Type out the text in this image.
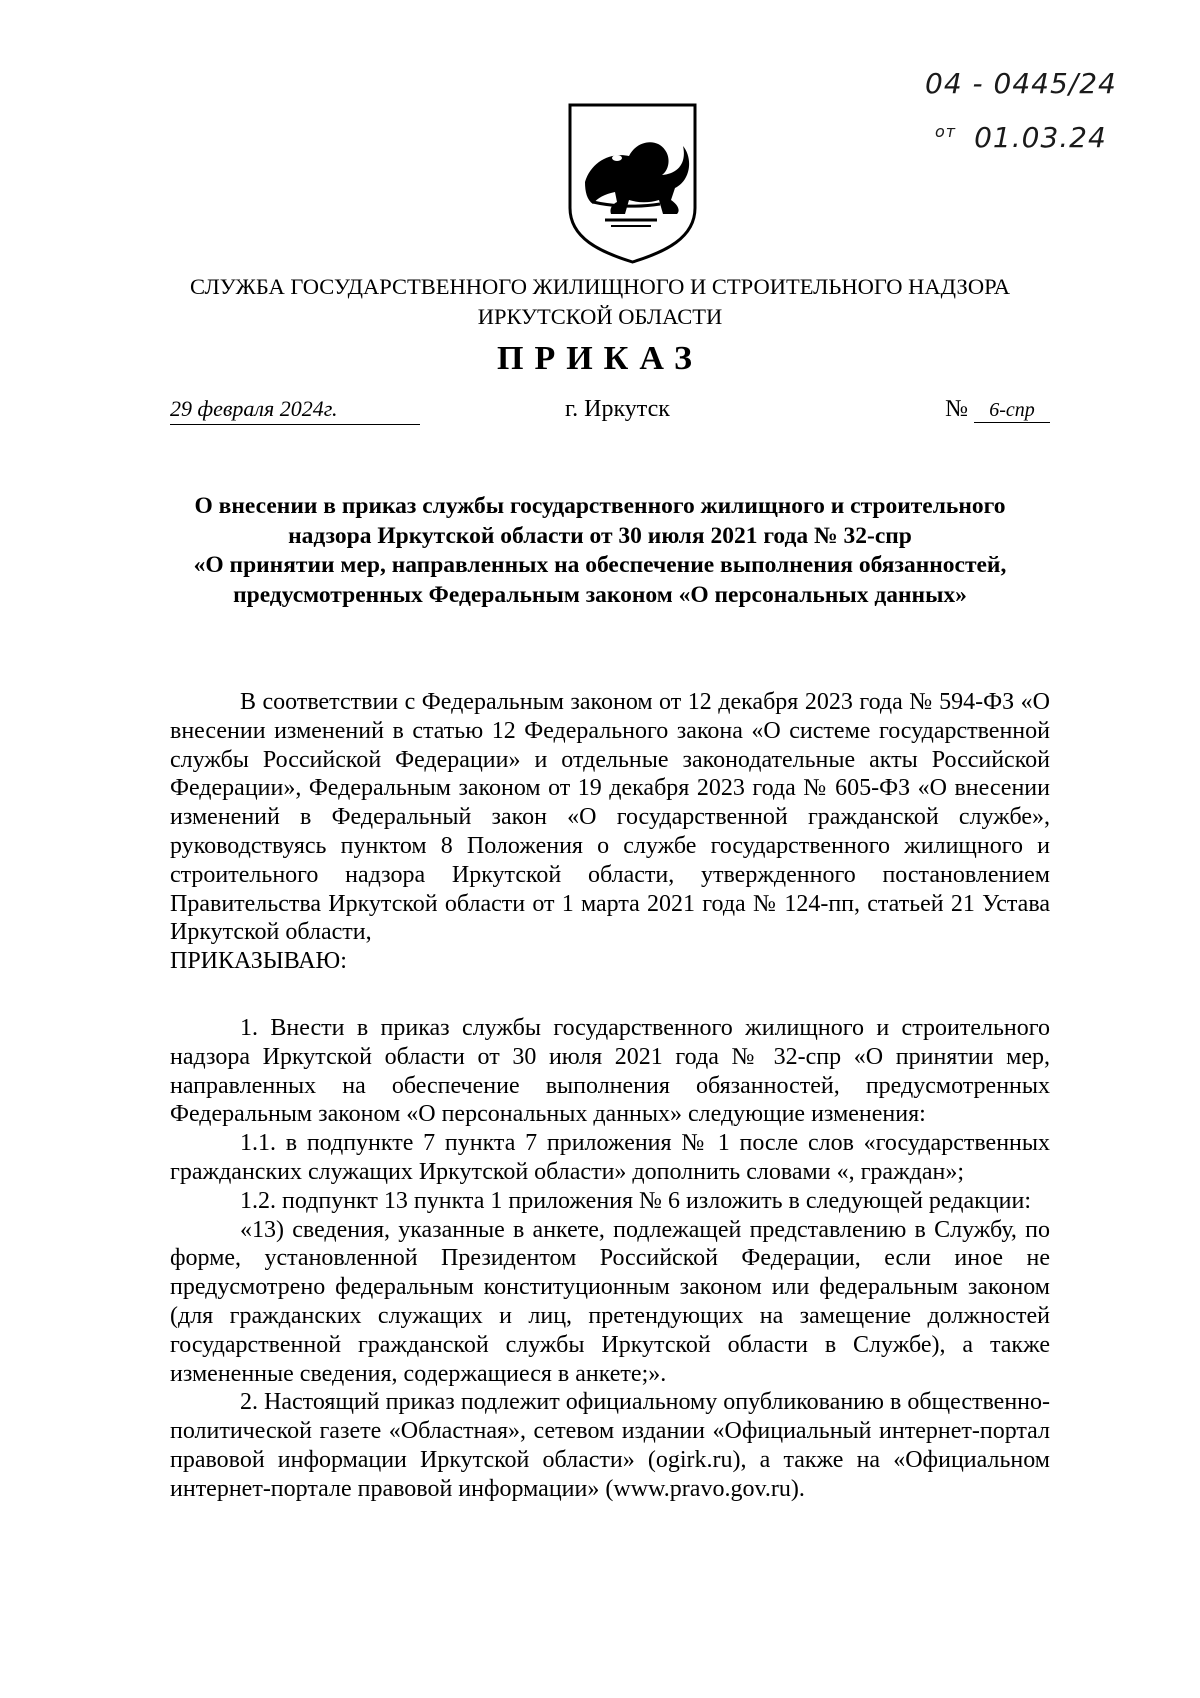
04 - 0445/24
$^{от}$ 01.03.24
СЛУЖБА ГОСУДАРСТВЕННОГО ЖИЛИЩНОГО И СТРОИТЕЛЬНОГО НАДЗОРА
ИРКУТСКОЙ ОБЛАСТИ
ПРИКАЗ
29 февраля 2024г.	г. Иркутск	№ 6-спр
О внесении в приказ службы государственного жилищного и строительного
надзора Иркутской области от 30 июля 2021 года № 32-спр
«О принятии мер, направленных на обеспечение выполнения обязанностей,
предусмотренных Федеральным законом «О персональных данных»

В соответствии с Федеральным законом от 12 декабря 2023 года № 594-ФЗ «О внесении изменений в статью 12 Федерального закона «О системе государственной службы Российской Федерации» и отдельные законодательные акты Российской Федерации», Федеральным законом от 19 декабря 2023 года № 605-ФЗ «О внесении изменений в Федеральный закон «О государственной гражданской службе», руководствуясь пунктом 8 Положения о службе государственного жилищного и строительного надзора Иркутской области, утвержденного постановлением Правительства Иркутской области от 1 марта 2021 года № 124-пп, статьей 21 Устава Иркутской области,

ПРИКАЗЫВАЮ:

1. Внести в приказ службы государственного жилищного и строительного надзора Иркутской области от 30 июля 2021 года № 32-спр «О принятии мер, направленных на обеспечение выполнения обязанностей, предусмотренных Федеральным законом «О персональных данных» следующие изменения:

1.1. в подпункте 7 пункта 7 приложения № 1 после слов «государственных гражданских служащих Иркутской области» дополнить словами «, граждан»;

1.2. подпункт 13 пункта 1 приложения № 6 изложить в следующей редакции:

«13) сведения, указанные в анкете, подлежащей представлению в Службу, по форме, установленной Президентом Российской Федерации, если иное не предусмотрено федеральным конституционным законом или федеральным законом (для гражданских служащих и лиц, претендующих на замещение должностей государственной гражданской службы Иркутской области в Службе), а также измененные сведения, содержащиеся в анкете;».

2. Настоящий приказ подлежит официальному опубликованию в общественно-политической газете «Областная», сетевом издании «Официальный интернет-портал правовой информации Иркутской области» (ogirk.ru), а также на «Официальном интернет-портале правовой информации» (www.pravo.gov.ru).
